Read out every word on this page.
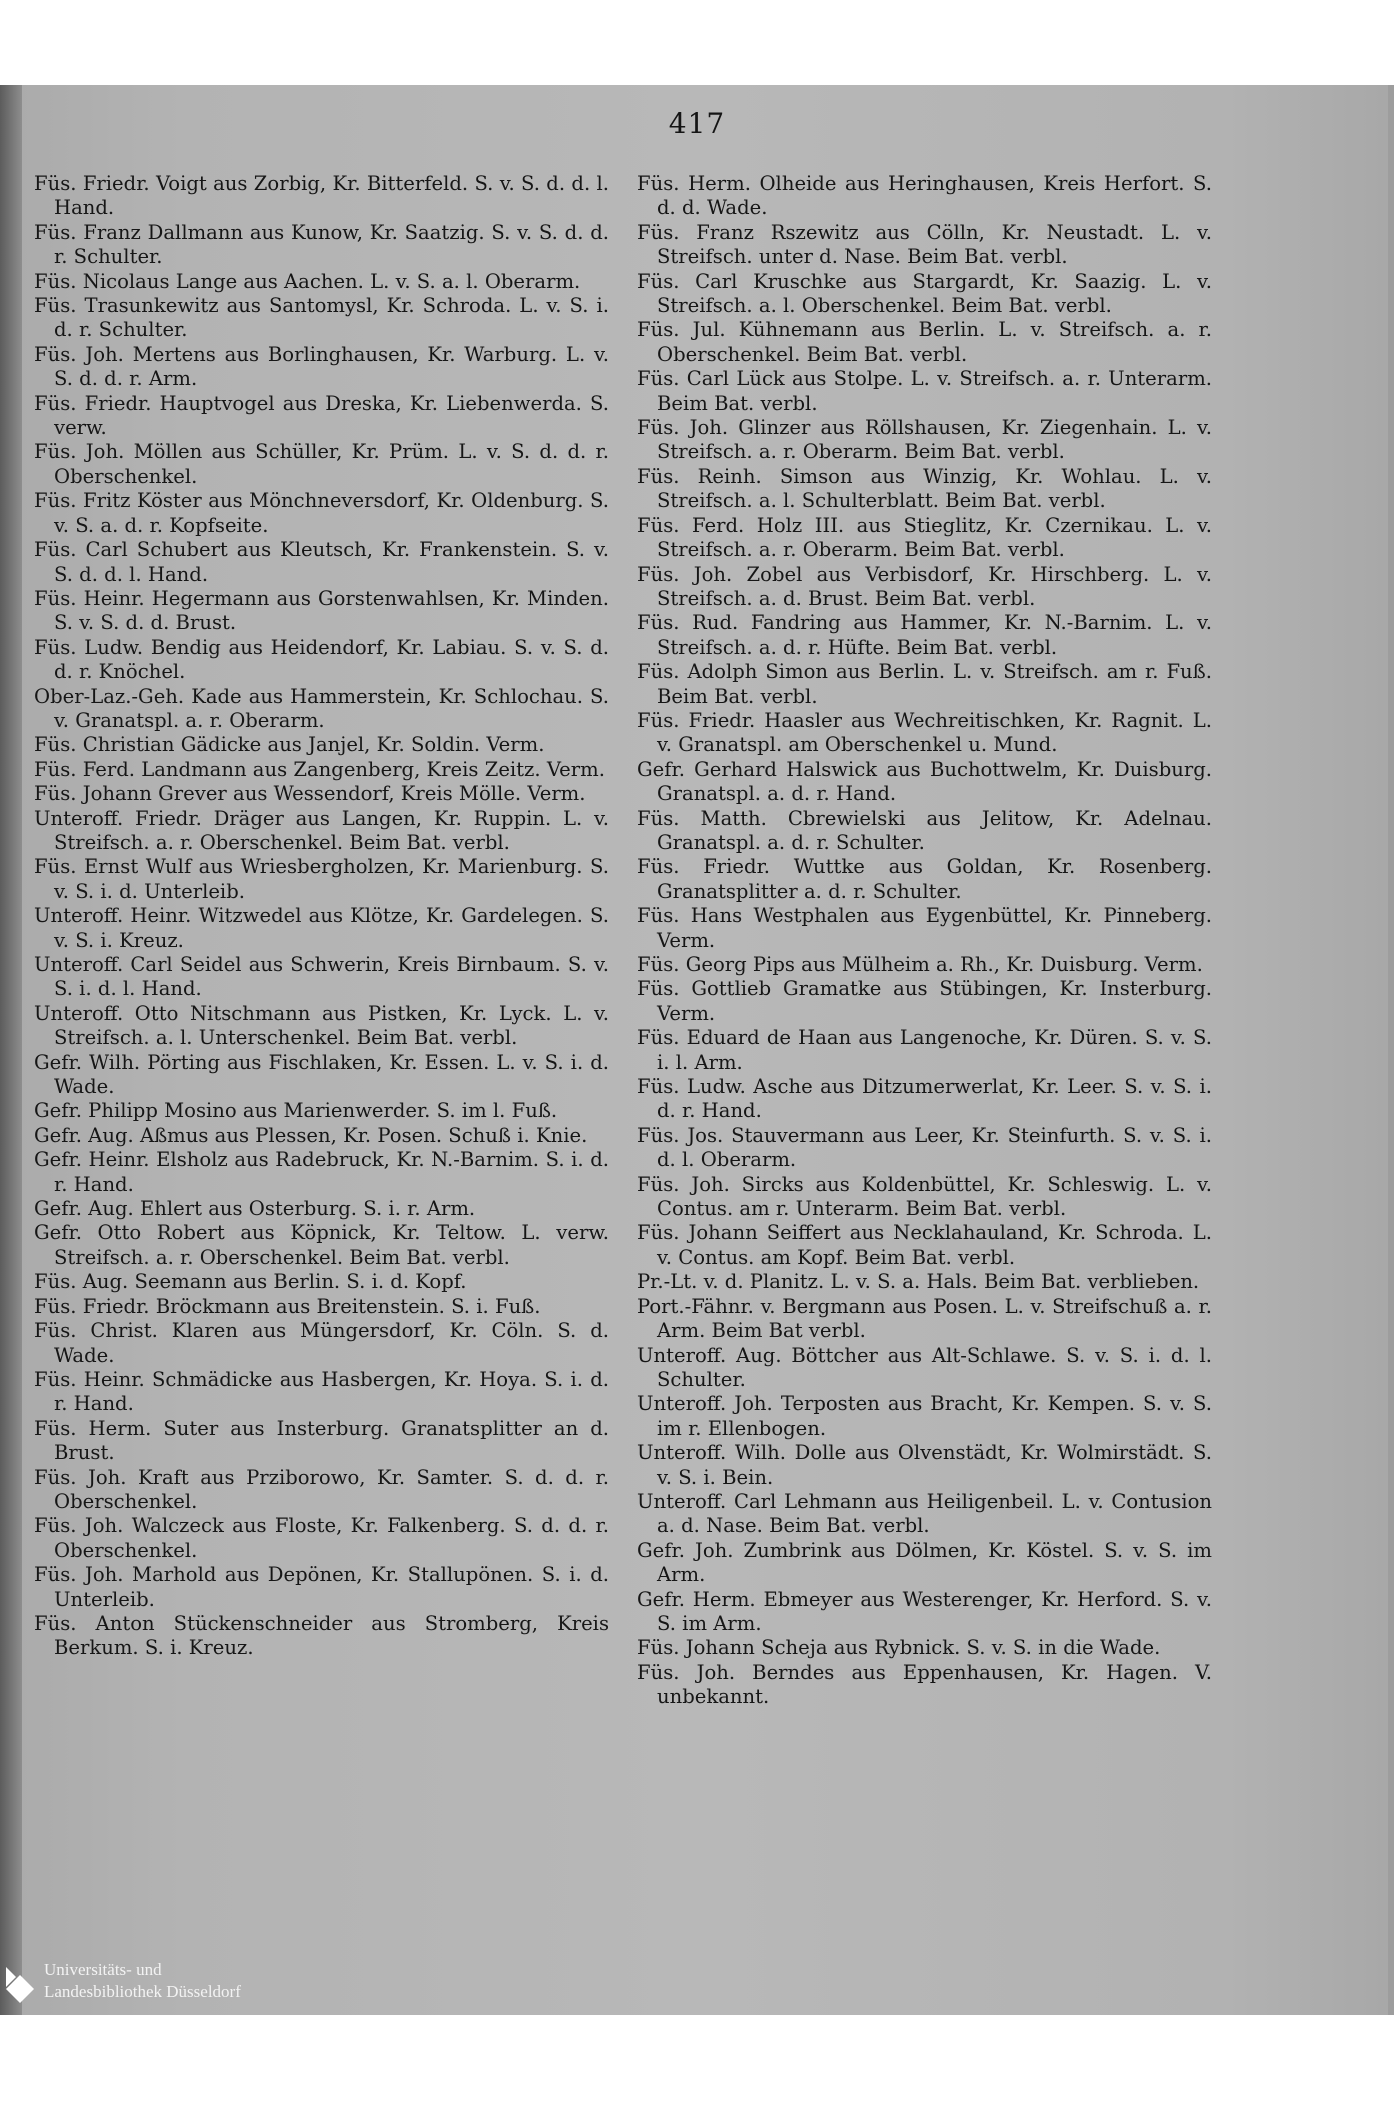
417

Füs. Friedr. Voigt aus Zorbig, Kr. Bitterfeld. S. v. S. d. d. l. Hand.

Füs. Franz Dallmann aus Kunow, Kr. Saatzig. S. v. S. d. d. r. Schulter.

Füs. Nicolaus Lange aus Aachen. L. v. S. a. l. Oberarm.

Füs. Trasunkewitz aus Santomysl, Kr. Schroda. L. v. S. i. d. r. Schulter.

Füs. Joh. Mertens aus Borlinghausen, Kr. Warburg. L. v. S. d. d. r. Arm.

Füs. Friedr. Hauptvogel aus Dreska, Kr. Liebenwerda. S. verw.

Füs. Joh. Möllen aus Schüller, Kr. Prüm. L. v. S. d. d. r. Oberschenkel.

Füs. Fritz Köster aus Mönchneversdorf, Kr. Oldenburg. S. v. S. a. d. r. Kopfseite.

Füs. Carl Schubert aus Kleutsch, Kr. Frankenstein. S. v. S. d. d. l. Hand.

Füs. Heinr. Hegermann aus Gorstenwahlsen, Kr. Minden. S. v. S. d. d. Brust.

Füs. Ludw. Bendig aus Heidendorf, Kr. Labiau. S. v. S. d. d. r. Knöchel.

Ober-Laz.-Geh. Kade aus Hammerstein, Kr. Schlochau. S. v. Granatspl. a. r. Oberarm.

Füs. Christian Gädicke aus Janjel, Kr. Soldin. Verm.

Füs. Ferd. Landmann aus Zangenberg, Kreis Zeitz. Verm.

Füs. Johann Grever aus Wessendorf, Kreis Mölle. Verm.

Unteroff. Friedr. Dräger aus Langen, Kr. Ruppin. L. v. Streifsch. a. r. Oberschenkel. Beim Bat. verbl.

Füs. Ernst Wulf aus Wriesbergholzen, Kr. Marienburg. S. v. S. i. d. Unterleib.

Unteroff. Heinr. Witzwedel aus Klötze, Kr. Gardelegen. S. v. S. i. Kreuz.

Unteroff. Carl Seidel aus Schwerin, Kreis Birnbaum. S. v. S. i. d. l. Hand.

Unteroff. Otto Nitschmann aus Pistken, Kr. Lyck. L. v. Streifsch. a. l. Unterschenkel. Beim Bat. verbl.

Gefr. Wilh. Pörting aus Fischlaken, Kr. Essen. L. v. S. i. d. Wade.

Gefr. Philipp Mosino aus Marienwerder. S. im l. Fuß.

Gefr. Aug. Aßmus aus Plessen, Kr. Posen. Schuß i. Knie.

Gefr. Heinr. Elsholz aus Radebruck, Kr. N.-Barnim. S. i. d. r. Hand.

Gefr. Aug. Ehlert aus Osterburg. S. i. r. Arm.

Gefr. Otto Robert aus Köpnick, Kr. Teltow. L. verw. Streifsch. a. r. Oberschenkel. Beim Bat. verbl.

Füs. Aug. Seemann aus Berlin. S. i. d. Kopf.

Füs. Friedr. Bröckmann aus Breitenstein. S. i. Fuß.

Füs. Christ. Klaren aus Müngersdorf, Kr. Cöln. S. d. Wade.

Füs. Heinr. Schmädicke aus Hasbergen, Kr. Hoya. S. i. d. r. Hand.

Füs. Herm. Suter aus Insterburg. Granatsplitter an d. Brust.

Füs. Joh. Kraft aus Prziborowo, Kr. Samter. S. d. d. r. Oberschenkel.

Füs. Joh. Walczeck aus Floste, Kr. Falkenberg. S. d. d. r. Oberschenkel.

Füs. Joh. Marhold aus Depönen, Kr. Stallupönen. S. i. d. Unterleib.

Füs. Anton Stückenschneider aus Stromberg, Kreis Berkum. S. i. Kreuz.

Füs. Herm. Olheide aus Heringhausen, Kreis Herfort. S. d. d. Wade.

Füs. Franz Rszewitz aus Cölln, Kr. Neustadt. L. v. Streifsch. unter d. Nase. Beim Bat. verbl.

Füs. Carl Kruschke aus Stargardt, Kr. Saazig. L. v. Streifsch. a. l. Oberschenkel. Beim Bat. verbl.

Füs. Jul. Kühnemann aus Berlin. L. v. Streifsch. a. r. Oberschenkel. Beim Bat. verbl.

Füs. Carl Lück aus Stolpe. L. v. Streifsch. a. r. Unterarm. Beim Bat. verbl.

Füs. Joh. Glinzer aus Röllshausen, Kr. Ziegenhain. L. v. Streifsch. a. r. Oberarm. Beim Bat. verbl.

Füs. Reinh. Simson aus Winzig, Kr. Wohlau. L. v. Streifsch. a. l. Schulterblatt. Beim Bat. verbl.

Füs. Ferd. Holz III. aus Stieglitz, Kr. Czernikau. L. v. Streifsch. a. r. Oberarm. Beim Bat. verbl.

Füs. Joh. Zobel aus Verbisdorf, Kr. Hirschberg. L. v. Streifsch. a. d. Brust. Beim Bat. verbl.

Füs. Rud. Fandring aus Hammer, Kr. N.-Barnim. L. v. Streifsch. a. d. r. Hüfte. Beim Bat. verbl.

Füs. Adolph Simon aus Berlin. L. v. Streifsch. am r. Fuß. Beim Bat. verbl.

Füs. Friedr. Haasler aus Wechreitischken, Kr. Ragnit. L. v. Granatspl. am Oberschenkel u. Mund.

Gefr. Gerhard Halswick aus Buchottwelm, Kr. Duisburg. Granatspl. a. d. r. Hand.

Füs. Matth. Cbrewielski aus Jelitow, Kr. Adelnau. Granatspl. a. d. r. Schulter.

Füs. Friedr. Wuttke aus Goldan, Kr. Rosenberg. Granatsplitter a. d. r. Schulter.

Füs. Hans Westphalen aus Eygenbüttel, Kr. Pinneberg. Verm.

Füs. Georg Pips aus Mülheim a. Rh., Kr. Duisburg. Verm.

Füs. Gottlieb Gramatke aus Stübingen, Kr. Insterburg. Verm.

Füs. Eduard de Haan aus Langenoche, Kr. Düren. S. v. S. i. l. Arm.

Füs. Ludw. Asche aus Ditzumerwerlat, Kr. Leer. S. v. S. i. d. r. Hand.

Füs. Jos. Stauvermann aus Leer, Kr. Steinfurth. S. v. S. i. d. l. Oberarm.

Füs. Joh. Sircks aus Koldenbüttel, Kr. Schleswig. L. v. Contus. am r. Unterarm. Beim Bat. verbl.

Füs. Johann Seiffert aus Necklahauland, Kr. Schroda. L. v. Contus. am Kopf. Beim Bat. verbl.

Pr.-Lt. v. d. Planitz. L. v. S. a. Hals. Beim Bat. verblieben.

Port.-Fähnr. v. Bergmann aus Posen. L. v. Streifschuß a. r. Arm. Beim Bat verbl.

Unteroff. Aug. Böttcher aus Alt-Schlawe. S. v. S. i. d. l. Schulter.

Unteroff. Joh. Terposten aus Bracht, Kr. Kempen. S. v. S. im r. Ellenbogen.

Unteroff. Wilh. Dolle aus Olvenstädt, Kr. Wolmirstädt. S. v. S. i. Bein.

Unteroff. Carl Lehmann aus Heiligenbeil. L. v. Contusion a. d. Nase. Beim Bat. verbl.

Gefr. Joh. Zumbrink aus Dölmen, Kr. Köstel. S. v. S. im Arm.

Gefr. Herm. Ebmeyer aus Westerenger, Kr. Herford. S. v. S. im Arm.

Füs. Johann Scheja aus Rybnick. S. v. S. in die Wade.

Füs. Joh. Berndes aus Eppenhausen, Kr. Hagen. V. unbekannt.

Universitäts- und
Landesbibliothek Düsseldorf
